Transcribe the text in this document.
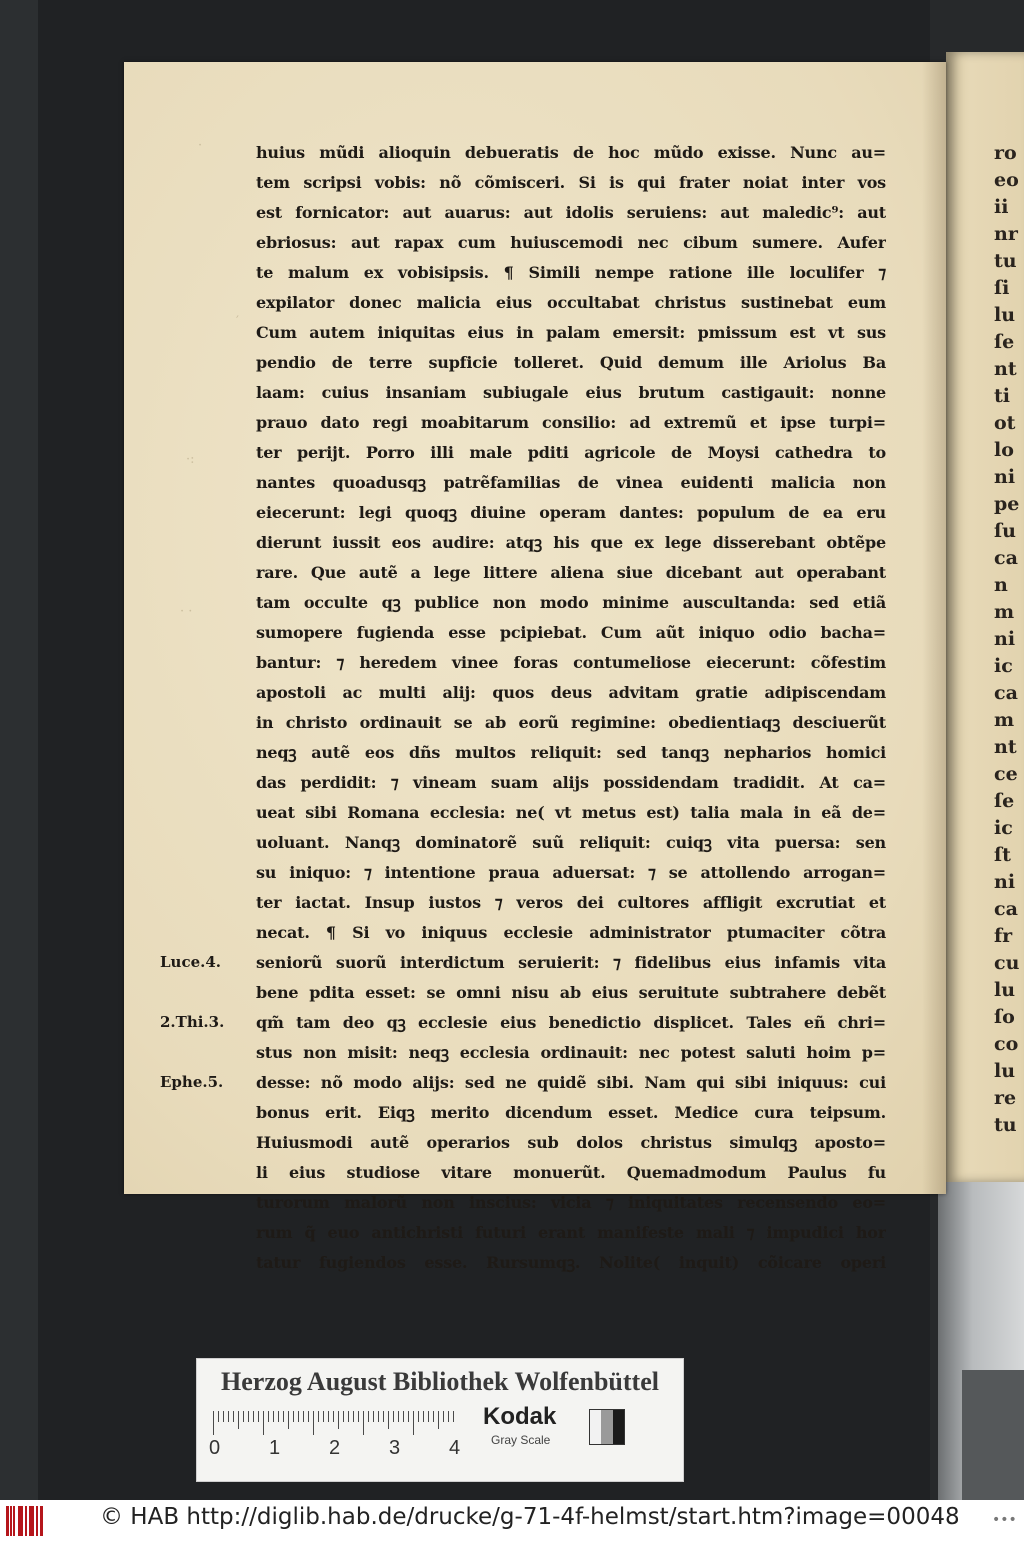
ro
eo
ii
nr
tu
ſi
lu
ſe
nt
ti
ot
lo
ni
pe
ſu
ca
n
m
ni
ic
ca
m
nt
ce
ſe
ic
ſt
ni
ca
fr
cu
lu
ſo
co
lu
re
tu
·
′
·:
· ·
huius mũdi alioquin debueratis de hoc mũdo exisse. Nunc au=
tem scripsi vobis: nõ cõmisceri. Si is qui frater noiat inter vos
est fornicator: aut auarus: aut idolis seruiens: aut maledic⁹: aut
ebriosus: aut rapax cum huiuscemodi nec cibum sumere. Aufer
te malum ex vobisipsis. ¶ Simili nempe ratione ille loculifer ⁊
expilator donec malicia eius occultabat christus sustinebat eum
Cum autem iniquitas eius in palam emersit: pmissum est vt sus
pendio de terre supficie tolleret. Quid demum ille Ariolus Ba
laam: cuius insaniam subiugale eius brutum castigauit: nonne
prauo dato regi moabitarum consilio: ad extremũ et ipse turpi=
ter perijt. Porro illi male pditi agricole de Moysi cathedra to
nantes quoadusqꝫ patrẽfamilias de vinea euidenti malicia non
eiecerunt: legi quoqꝫ diuine operam dantes: populum de ea eru
dierunt iussit eos audire: atqꝫ his que ex lege disserebant obtẽpe
rare. Que autẽ a lege littere aliena siue dicebant aut operabant
tam occulte qꝫ publice non modo minime auscultanda: sed etiã
sumopere fugienda esse pcipiebat. Cum aũt iniquo odio bacha=
bantur: ⁊ heredem vinee foras contumeliose eiecerunt: cõfestim
apostoli ac multi alij: quos deus advitam gratie adipiscendam
in christo ordinauit se ab eorũ regimine: obedientiaqꝫ desciuerũt
neqꝫ autẽ eos dñs multos reliquit: sed tanqꝫ nepharios homici
das perdidit: ⁊ vineam suam alijs possidendam tradidit. At ca=
ueat sibi Romana ecclesia: ne( vt metus est) talia mala in eã de=
uoluant. Nanqꝫ dominatorẽ suũ reliquit: cuiqꝫ vita puersa: sen
su iniquo: ⁊ intentione praua aduersat: ⁊ se attollendo arrogan=
ter iactat. Insup iustos ⁊ veros dei cultores affligit excrutiat et
necat. ¶ Si vo iniquus ecclesie administrator ptumaciter cõtra
seniorũ suorũ interdictum seruierit: ⁊ fidelibus eius infamis vita
bene pdita esset: se omni nisu ab eius seruitute subtrahere debẽt
qm̃ tam deo qꝫ ecclesie eius benedictio displicet. Tales eñ chri=
stus non misit: neqꝫ ecclesia ordinauit: nec potest saluti hoim p=
desse: nõ modo alijs: sed ne quidẽ sibi. Nam qui sibi iniquus: cui
bonus erit. Eiqꝫ merito dicendum esset. Medice cura teipsum.
Huiusmodi autẽ operarios sub dolos christus simulqꝫ aposto=
li eius studiose vitare monuerũt. Quemadmodum Paulus fu
turorum malorũ non inscius: vicia ⁊ iniquitates recensendo eo=
rum q̃ euo antichristi futuri erant manifeste mali ⁊ impudici hor
tatur fugiendos esse. Rursumqꝫ. Nolite( inquit) cõicare operi
Luce.4.
2.Thi.3.
Ephe.5.
Herzog August Bibliothek Wolfenbüttel
0 1 2 3 4
Kodak
Gray Scale
© HAB http://diglib.hab.de/drucke/g-71-4f-helmst/start.htm?image=00048 •••
